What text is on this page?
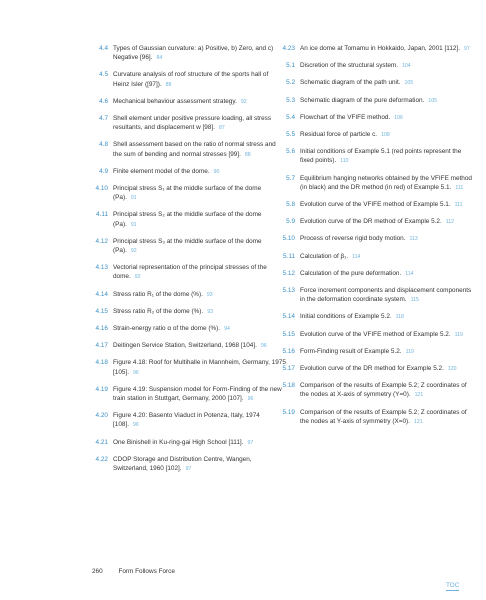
4.4 Types of Gaussian curvature: a) Positive, b) Zero, and c) Negative [96]. 84
4.5 Curvature analysis of roof structure of the sports hall of Heinz Isler ([97]). 88
4.6 Mechanical behaviour assessment strategy. 92
4.7 Shell element under positive pressure loading, all stress resultants, and displacement w [98]. 87
4.8 Shell assessment based on the ratio of normal stress and the sum of bending and normal stresses [99]. 88
4.9 Finite element model of the dome. 90
4.10 Principal stress S₁ at the middle surface of the dome (Pa). 91
4.11 Principal stress S₂ at the middle surface of the dome (Pa). 91
4.12 Principal stress S₃ at the middle surface of the dome (Pa). 92
4.13 Vectorial representation of the principal stresses of the dome. 92
4.14 Stress ratio R₁ of the dome (%). 93
4.15 Stress ratio R₂ of the dome (%). 93
4.16 Strain-energy ratio α of the dome (%). 94
4.17 Deitingen Service Station, Switzerland, 1968 [104]. 96
4.18 Figure 4.18: Roof for Multihalle in Mannheim, Germany, 1975 [105]. 96
4.19 Figure 4.19: Suspension model for Form-Finding of the new train station in Stuttgart, Germany, 2000 [107]. 96
4.20 Figure 4.20: Basento Viaduct in Potenza, Italy, 1974 [108]. 96
4.21 One Binishell in Ku-ring-gai High School [111]. 97
4.22 CDOP Storage and Distribution Centre, Wangen, Switzerland, 1960 [102]. 97
4.23 An ice dome at Tomamu in Hokkaido, Japan, 2001 [112]. 97
5.1 Discretion of the structural system. 104
5.2 Schematic diagram of the path unit. 105
5.3 Schematic diagram of the pure deformation. 105
5.4 Flowchart of the VFIFE method. 106
5.5 Residual force of particle c. 108
5.6 Initial conditions of Example 5.1 (red points represent the fixed points). 110
5.7 Equilibrium hanging networks obtained by the VFIFE method (in black) and the DR method (in red) of Example 5.1. 111
5.8 Evolution curve of the VFIFE method of Example 5.1. 111
5.9 Evolution curve of the DR method of Example 5.2. 112
5.10 Process of reverse rigid body motion. 113
5.11 Calculation of β₁. 114
5.12 Calculation of the pure deformation. 114
5.13 Force increment components and displacement components in the deformation coordinate system. 115
5.14 Initial conditions of Example 5.2. 118
5.15 Evolution curve of the VFIFE method of Example 5.2. 119
5.16 Form-Finding result of Example 5.2. 119
5.17 Evolution curve of the DR method for Example 5.2. 120
5.18 Comparison of the results of Example 5.2; Z coordinates of the nodes at X-axis of symmetry (Y=0). 121
5.19 Comparison of the results of Example 5.2; Z coordinates of the nodes at Y-axis of symmetry (X=0). 121
260 Form Follows Force
TOC
